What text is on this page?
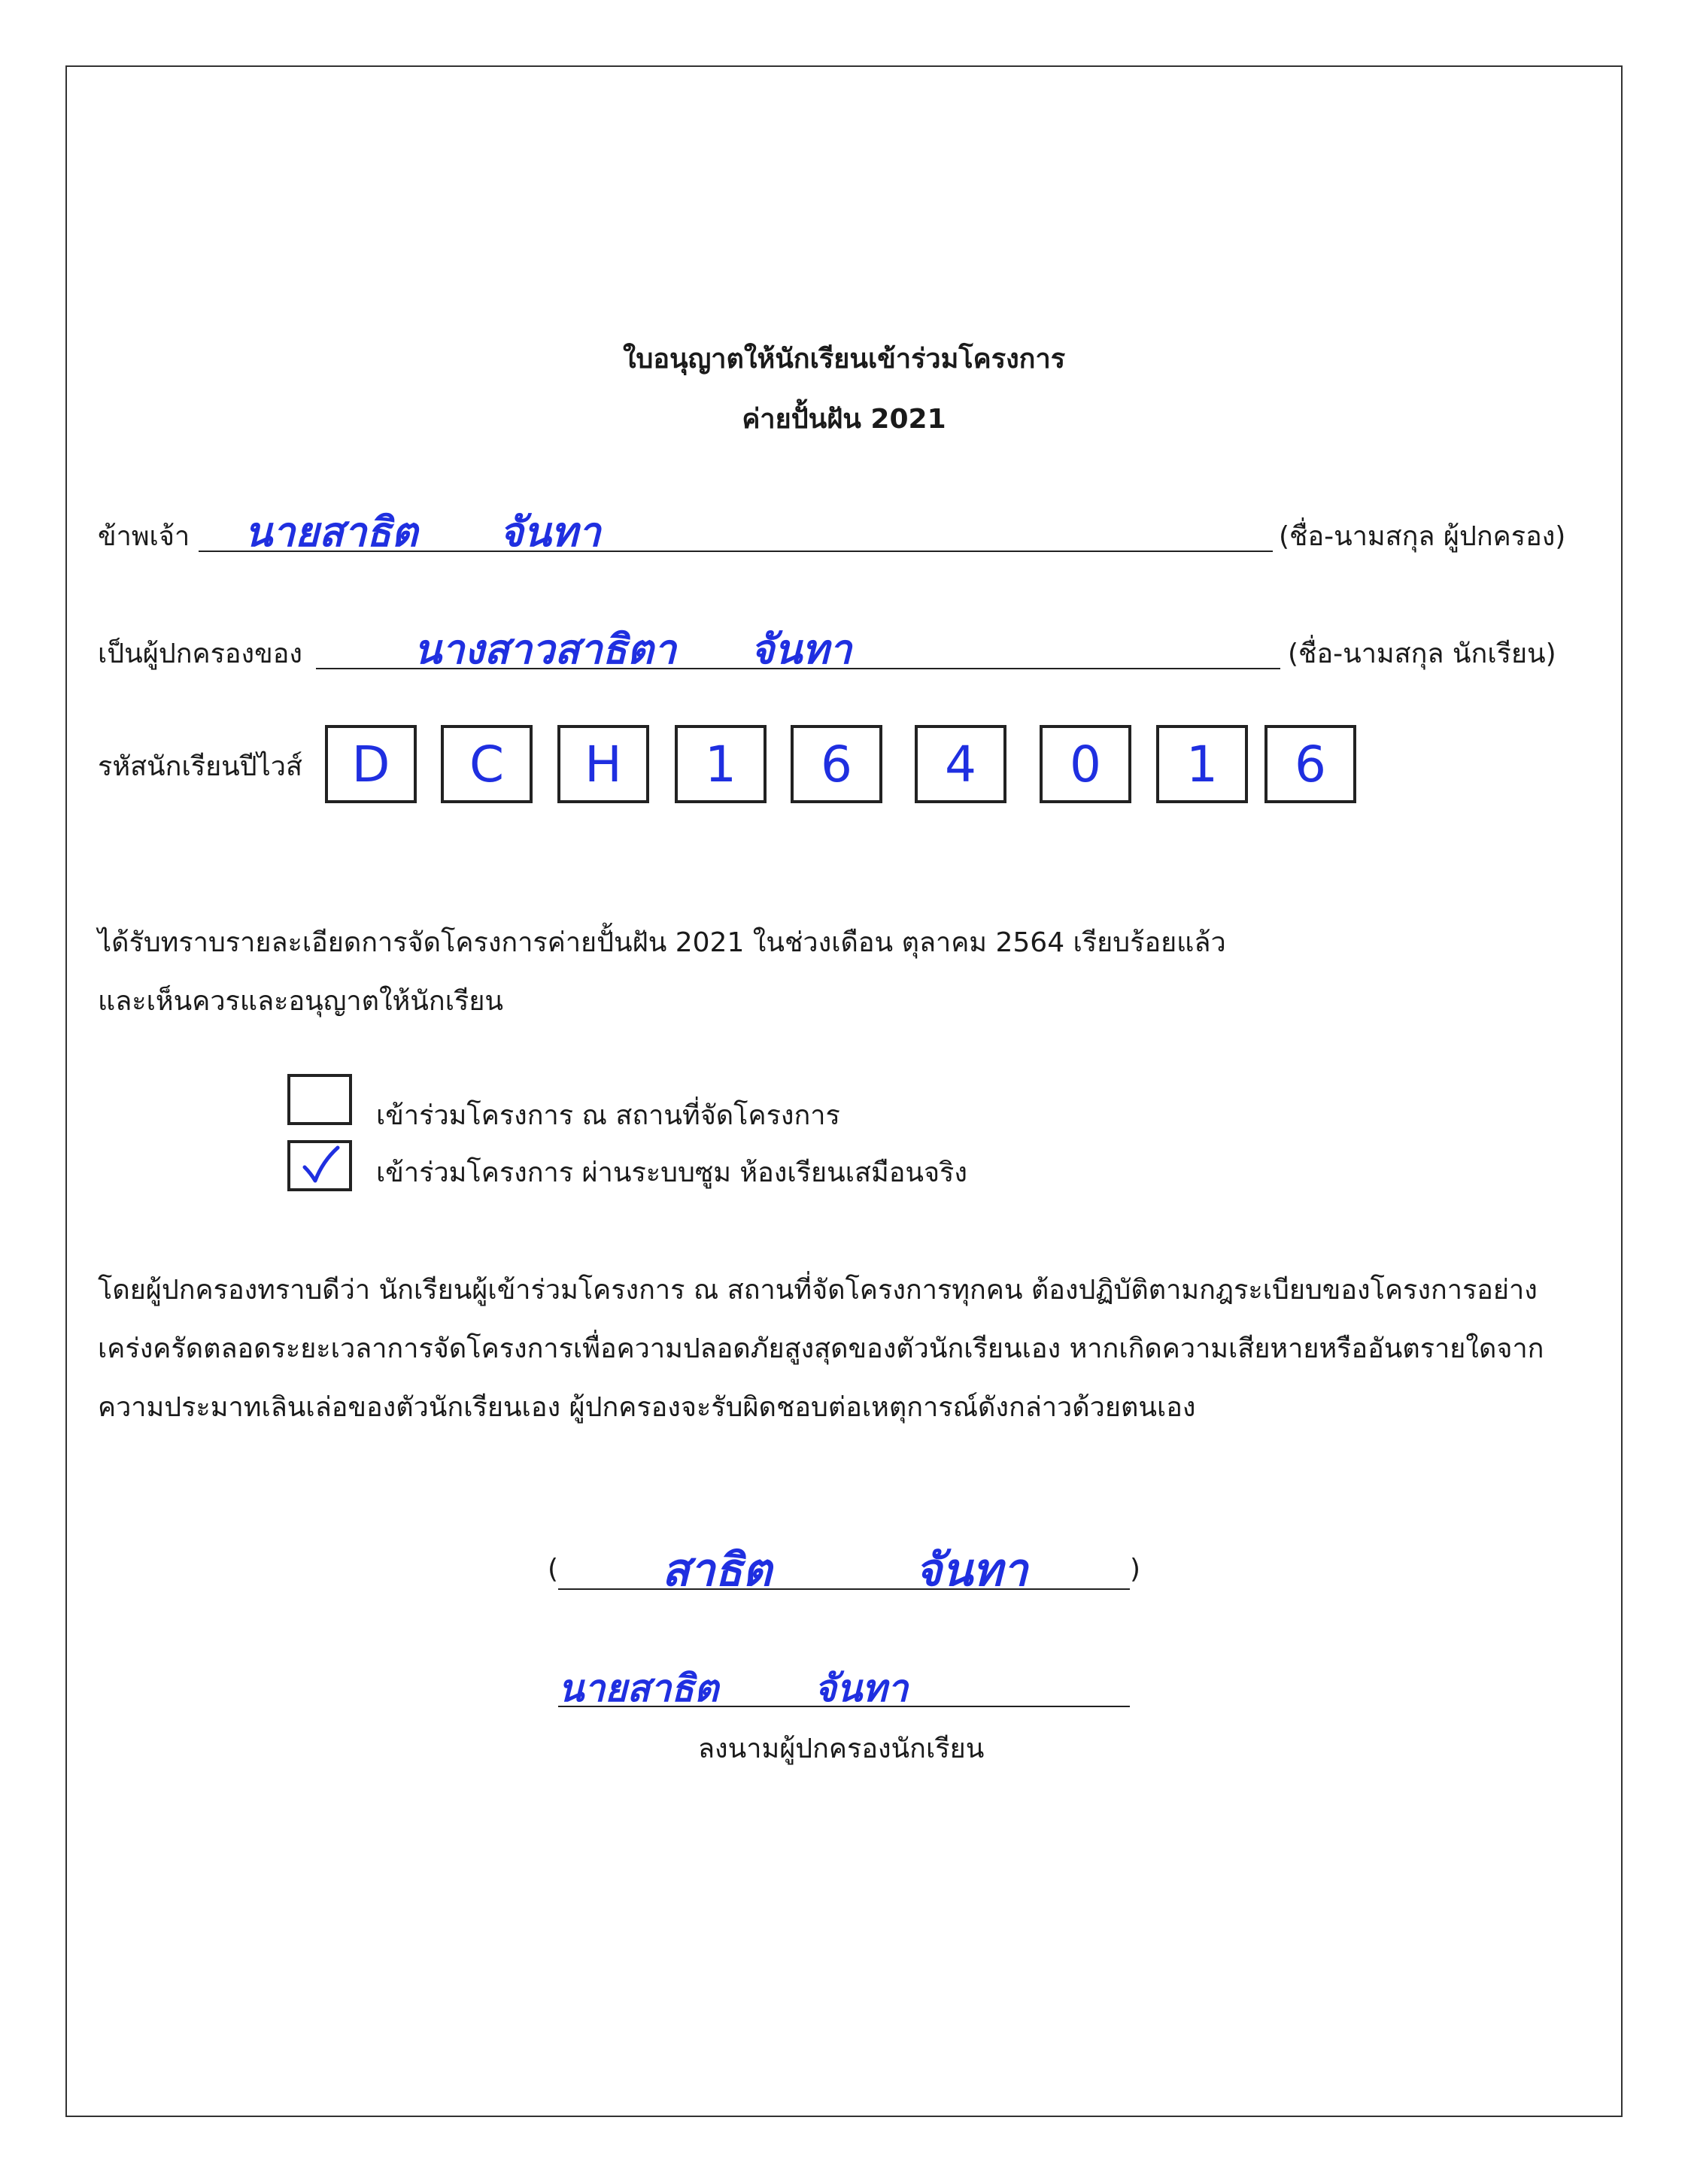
ใบอนุญาตให้นักเรียนเข้าร่วมโครงการ
ค่ายปั้นฝัน 2021
ข้าพเจ้า นายสาธิต จันทา	(ชื่อ-นามสกุล ผู้ปกครอง)
เป็นผู้ปกครองของ	นางสาวสาธิตา จันทา	(ชื่อ-นามสกุล นักเรียน)
รหัสนักเรียนปีไวส์ D C H 1 6 4 0 1 6
ได้รับทราบรายละเอียดการจัดโครงการค่ายปั้นฝัน 2021 ในช่วงเดือน ตุลาคม 2564 เรียบร้อยแล้ว
และเห็นควรและอนุญาตให้นักเรียน
เข้าร่วมโครงการ ณ สถานที่จัดโครงการ
เข้าร่วมโครงการ ผ่านระบบซูม ห้องเรียนเสมือนจริง
โดยผู้ปกครองทราบดีว่า นักเรียนผู้เข้าร่วมโครงการ ณ สถานที่จัดโครงการทุกคน ต้องปฏิบัติตามกฎระเบียบของโครงการอย่าง
เคร่งครัดตลอดระยะเวลาการจัดโครงการเพื่อความปลอดภัยสูงสุดของตัวนักเรียนเอง หากเกิดความเสียหายหรืออันตรายใดจาก
ความประมาทเลินเล่อของตัวนักเรียนเอง ผู้ปกครองจะรับผิดชอบต่อเหตุการณ์ดังกล่าวด้วยตนเอง
( สาธิต จันทา	)
นายสาธิต จันทา
ลงนามผู้ปกครองนักเรียน
